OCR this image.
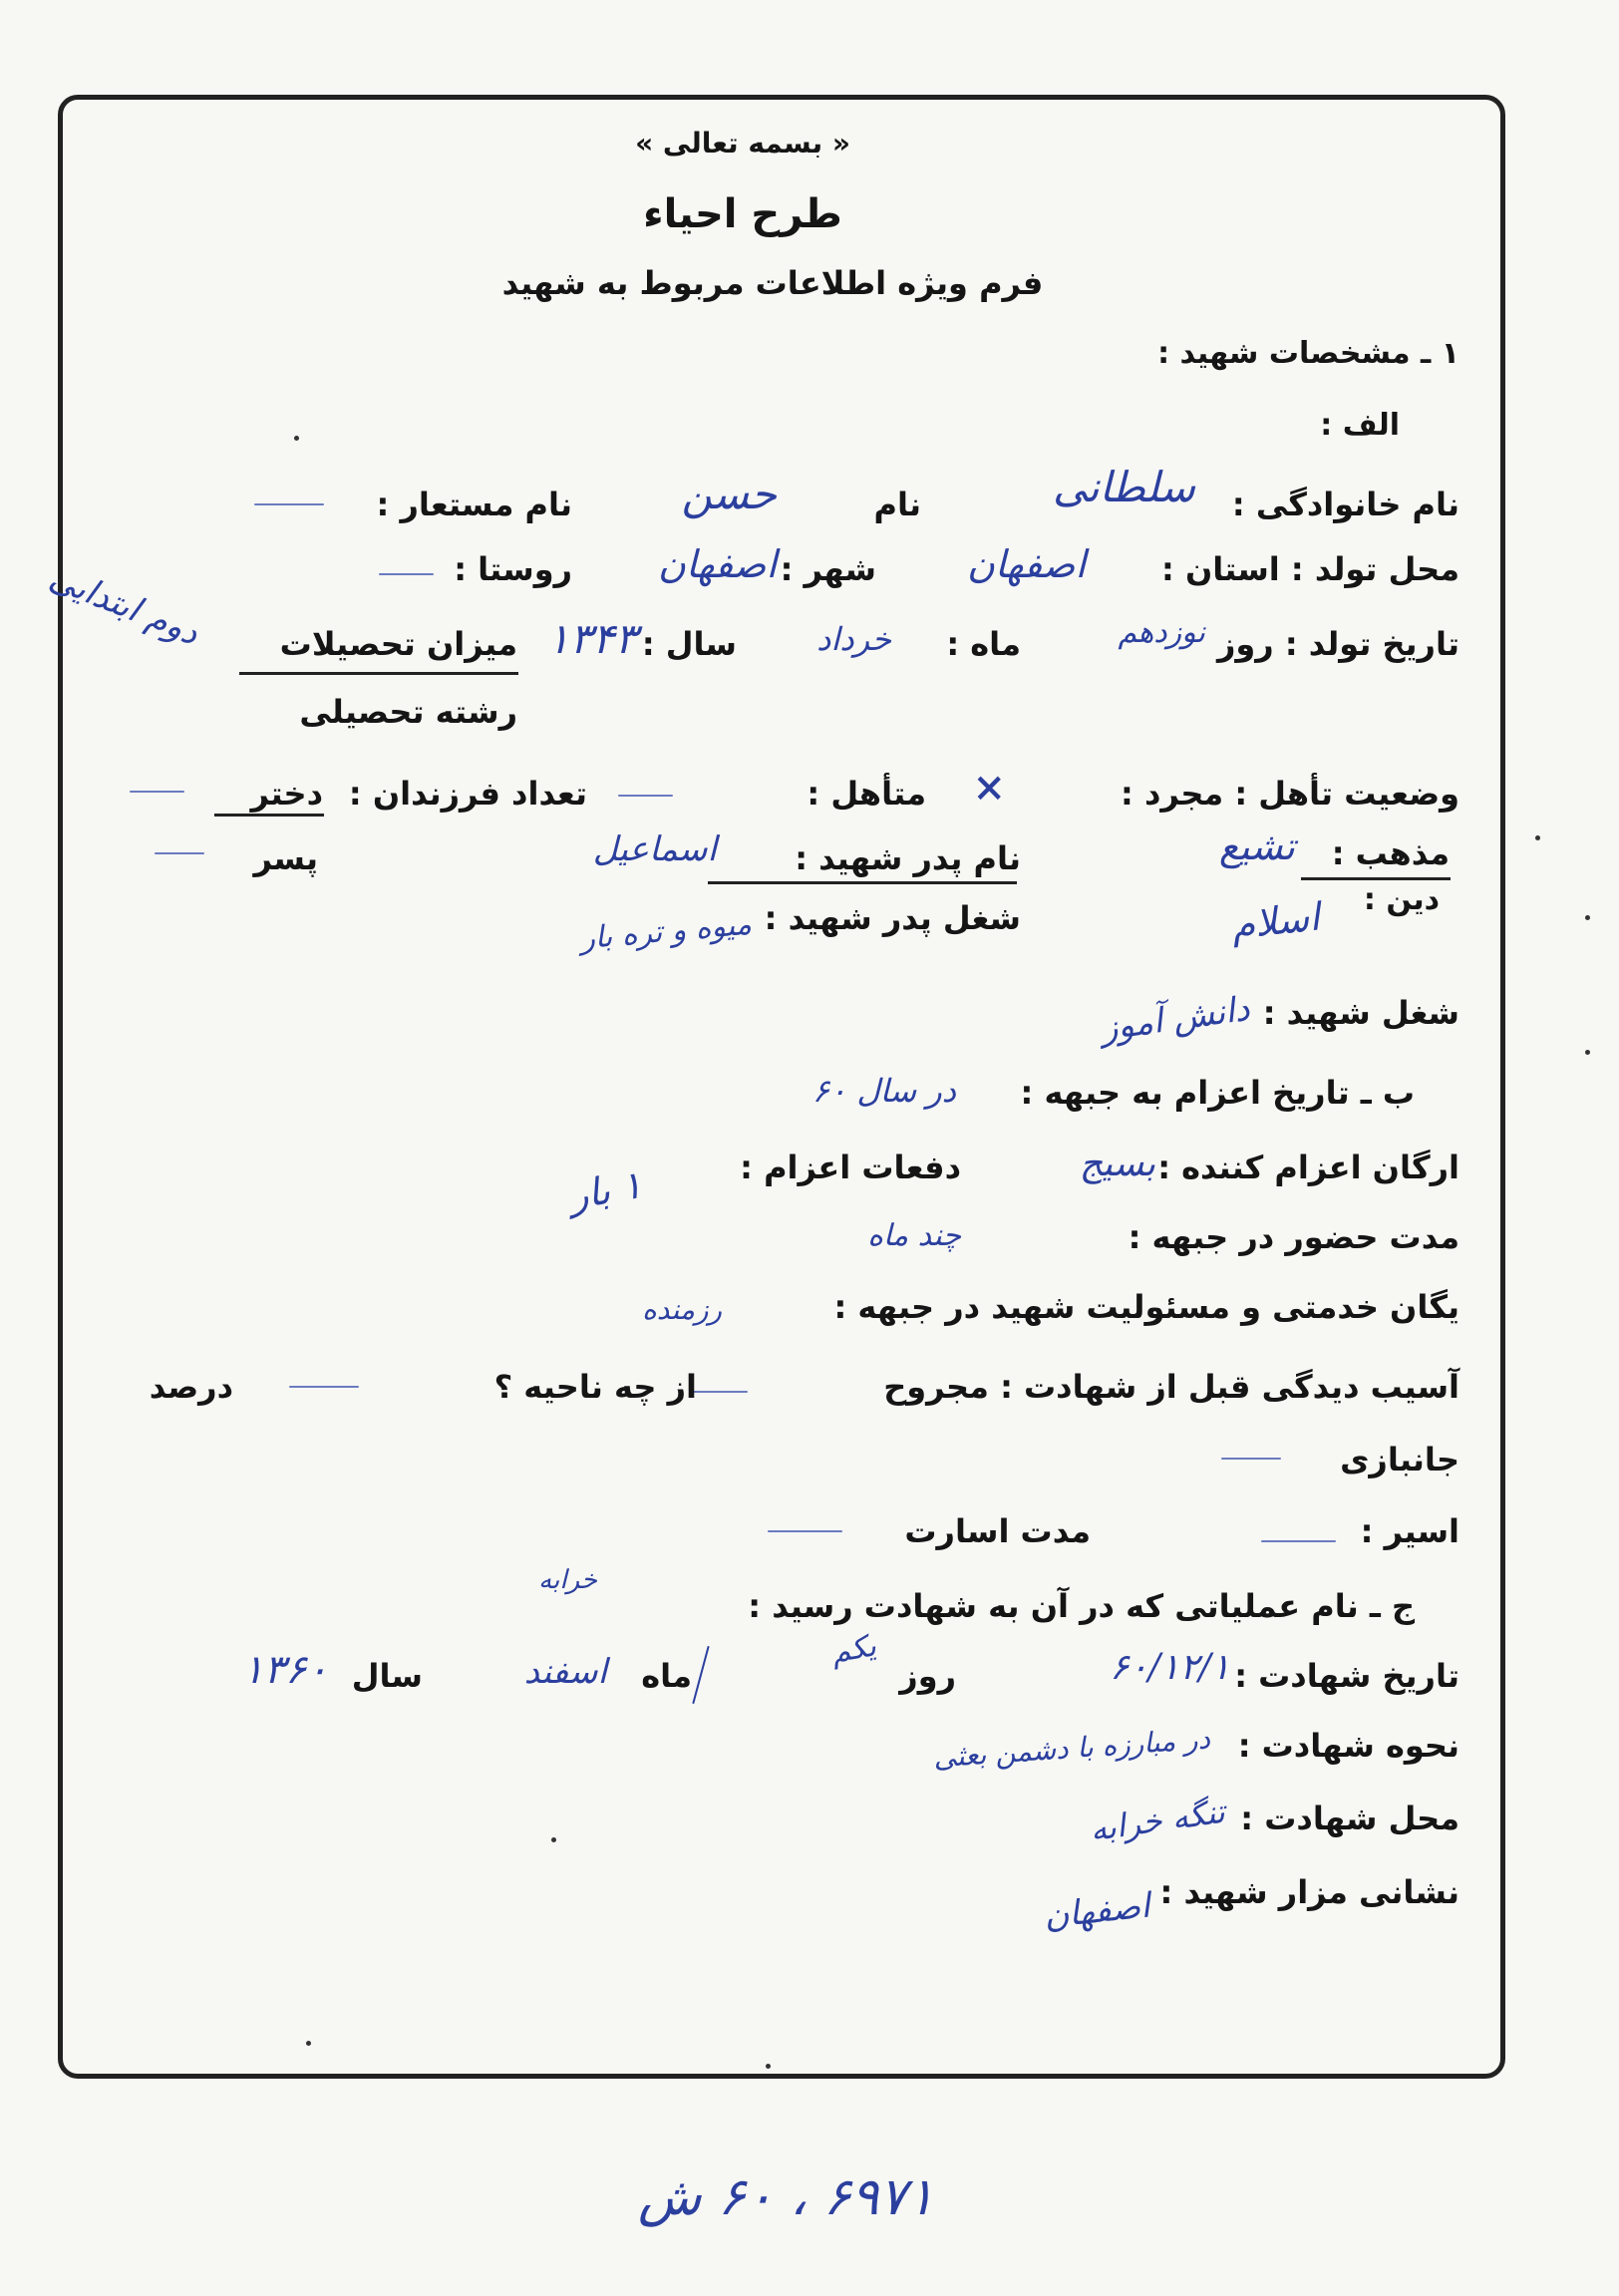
« بسمه تعالی »
طرح احیاء
فرم ویژه اطلاعات مربوط به شهید
۱ ـ مشخصات شهید :
الف :
نام خانوادگی :
سلطانی
نام
حسن
نام مستعار :
محل تولد : استان :
اصفهان
شهر :
اصفهان
روستا :
تاریخ تولد : روز
نوزدهم
ماه :
خرداد
سال :
۱۳۴۳
میزان تحصیلات
دوم ابتدایی
رشته تحصیلی
وضعیت تأهل : مجرد :
×
متأهل :
تعداد فرزندان :
دختر
پسر	مذهب :
تشیع
دین :
اسلام
نام پدر شهید :
اسماعیل
شغل پدر شهید :
میوه و تره بار
شغل شهید :
دانش آموز
ب ـ تاریخ اعزام به جبهه :
در سال ۶۰
ارگان اعزام کننده :
بسیج
دفعات اعزام :
۱ بار
مدت حضور در جبهه :
چند ماه
یگان خدمتی و مسئولیت شهید در جبهه :
رزمنده
آسیب دیدگی قبل از شهادت : مجروح
از چه ناحیه ؟
درصد
جانبازی
اسیر :
مدت اسارت
ج ـ نام عملیاتی که در آن به شهادت رسید :
خرابه
تاریخ شهادت :
۶۰/۱۲/۱
روز
یکم
ماه
اسفند
سال
۱۳۶۰
نحوه شهادت :
در مبارزه با دشمن بعثی
محل شهادت :
تنگه خرابه
نشانی مزار شهید :
اصفهان
۶۹۷۱ ، ۶۰ ش
